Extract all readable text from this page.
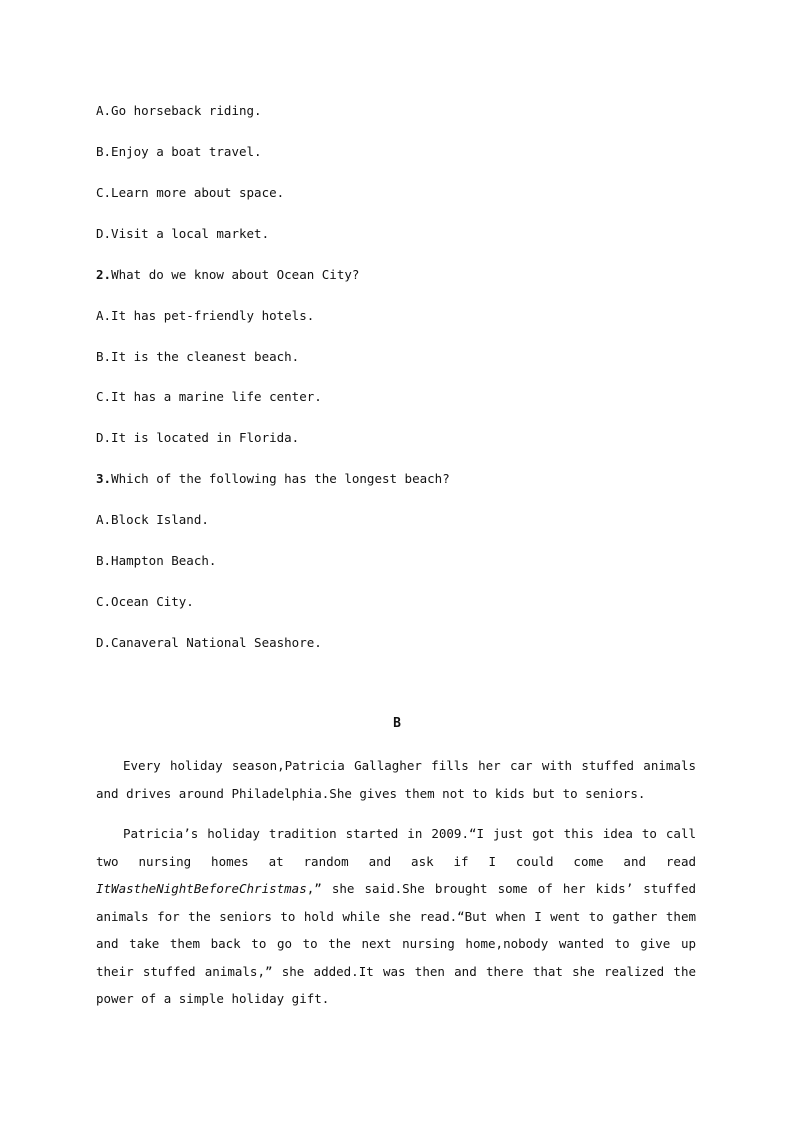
A.Go horseback riding.
B.Enjoy a boat travel.
C.Learn more about space.
D.Visit a local market.
2.What do we know about Ocean City?
A.It has pet-friendly hotels.
B.It is the cleanest beach.
C.It has a marine life center.
D.It is located in Florida.
3.Which of the following has the longest beach?
A.Block Island.
B.Hampton Beach.
C.Ocean City.
D.Canaveral National Seashore.
B

Every holiday season,Patricia Gallagher fills her car with stuffed animals and drives around Philadelphia.She gives them not to kids but to seniors.

Patricia’s holiday tradition started in 2009.“I just got this idea to call two nursing homes at random and ask if I could come and read ItWastheNightBeforeChristmas,” she said.She brought some of her kids’ stuffed animals for the seniors to hold while she read.“But when I went to gather them and take them back to go to the next nursing home,nobody wanted to give up their stuffed animals,” she added.It was then and there that she realized the power of a simple holiday gift.
